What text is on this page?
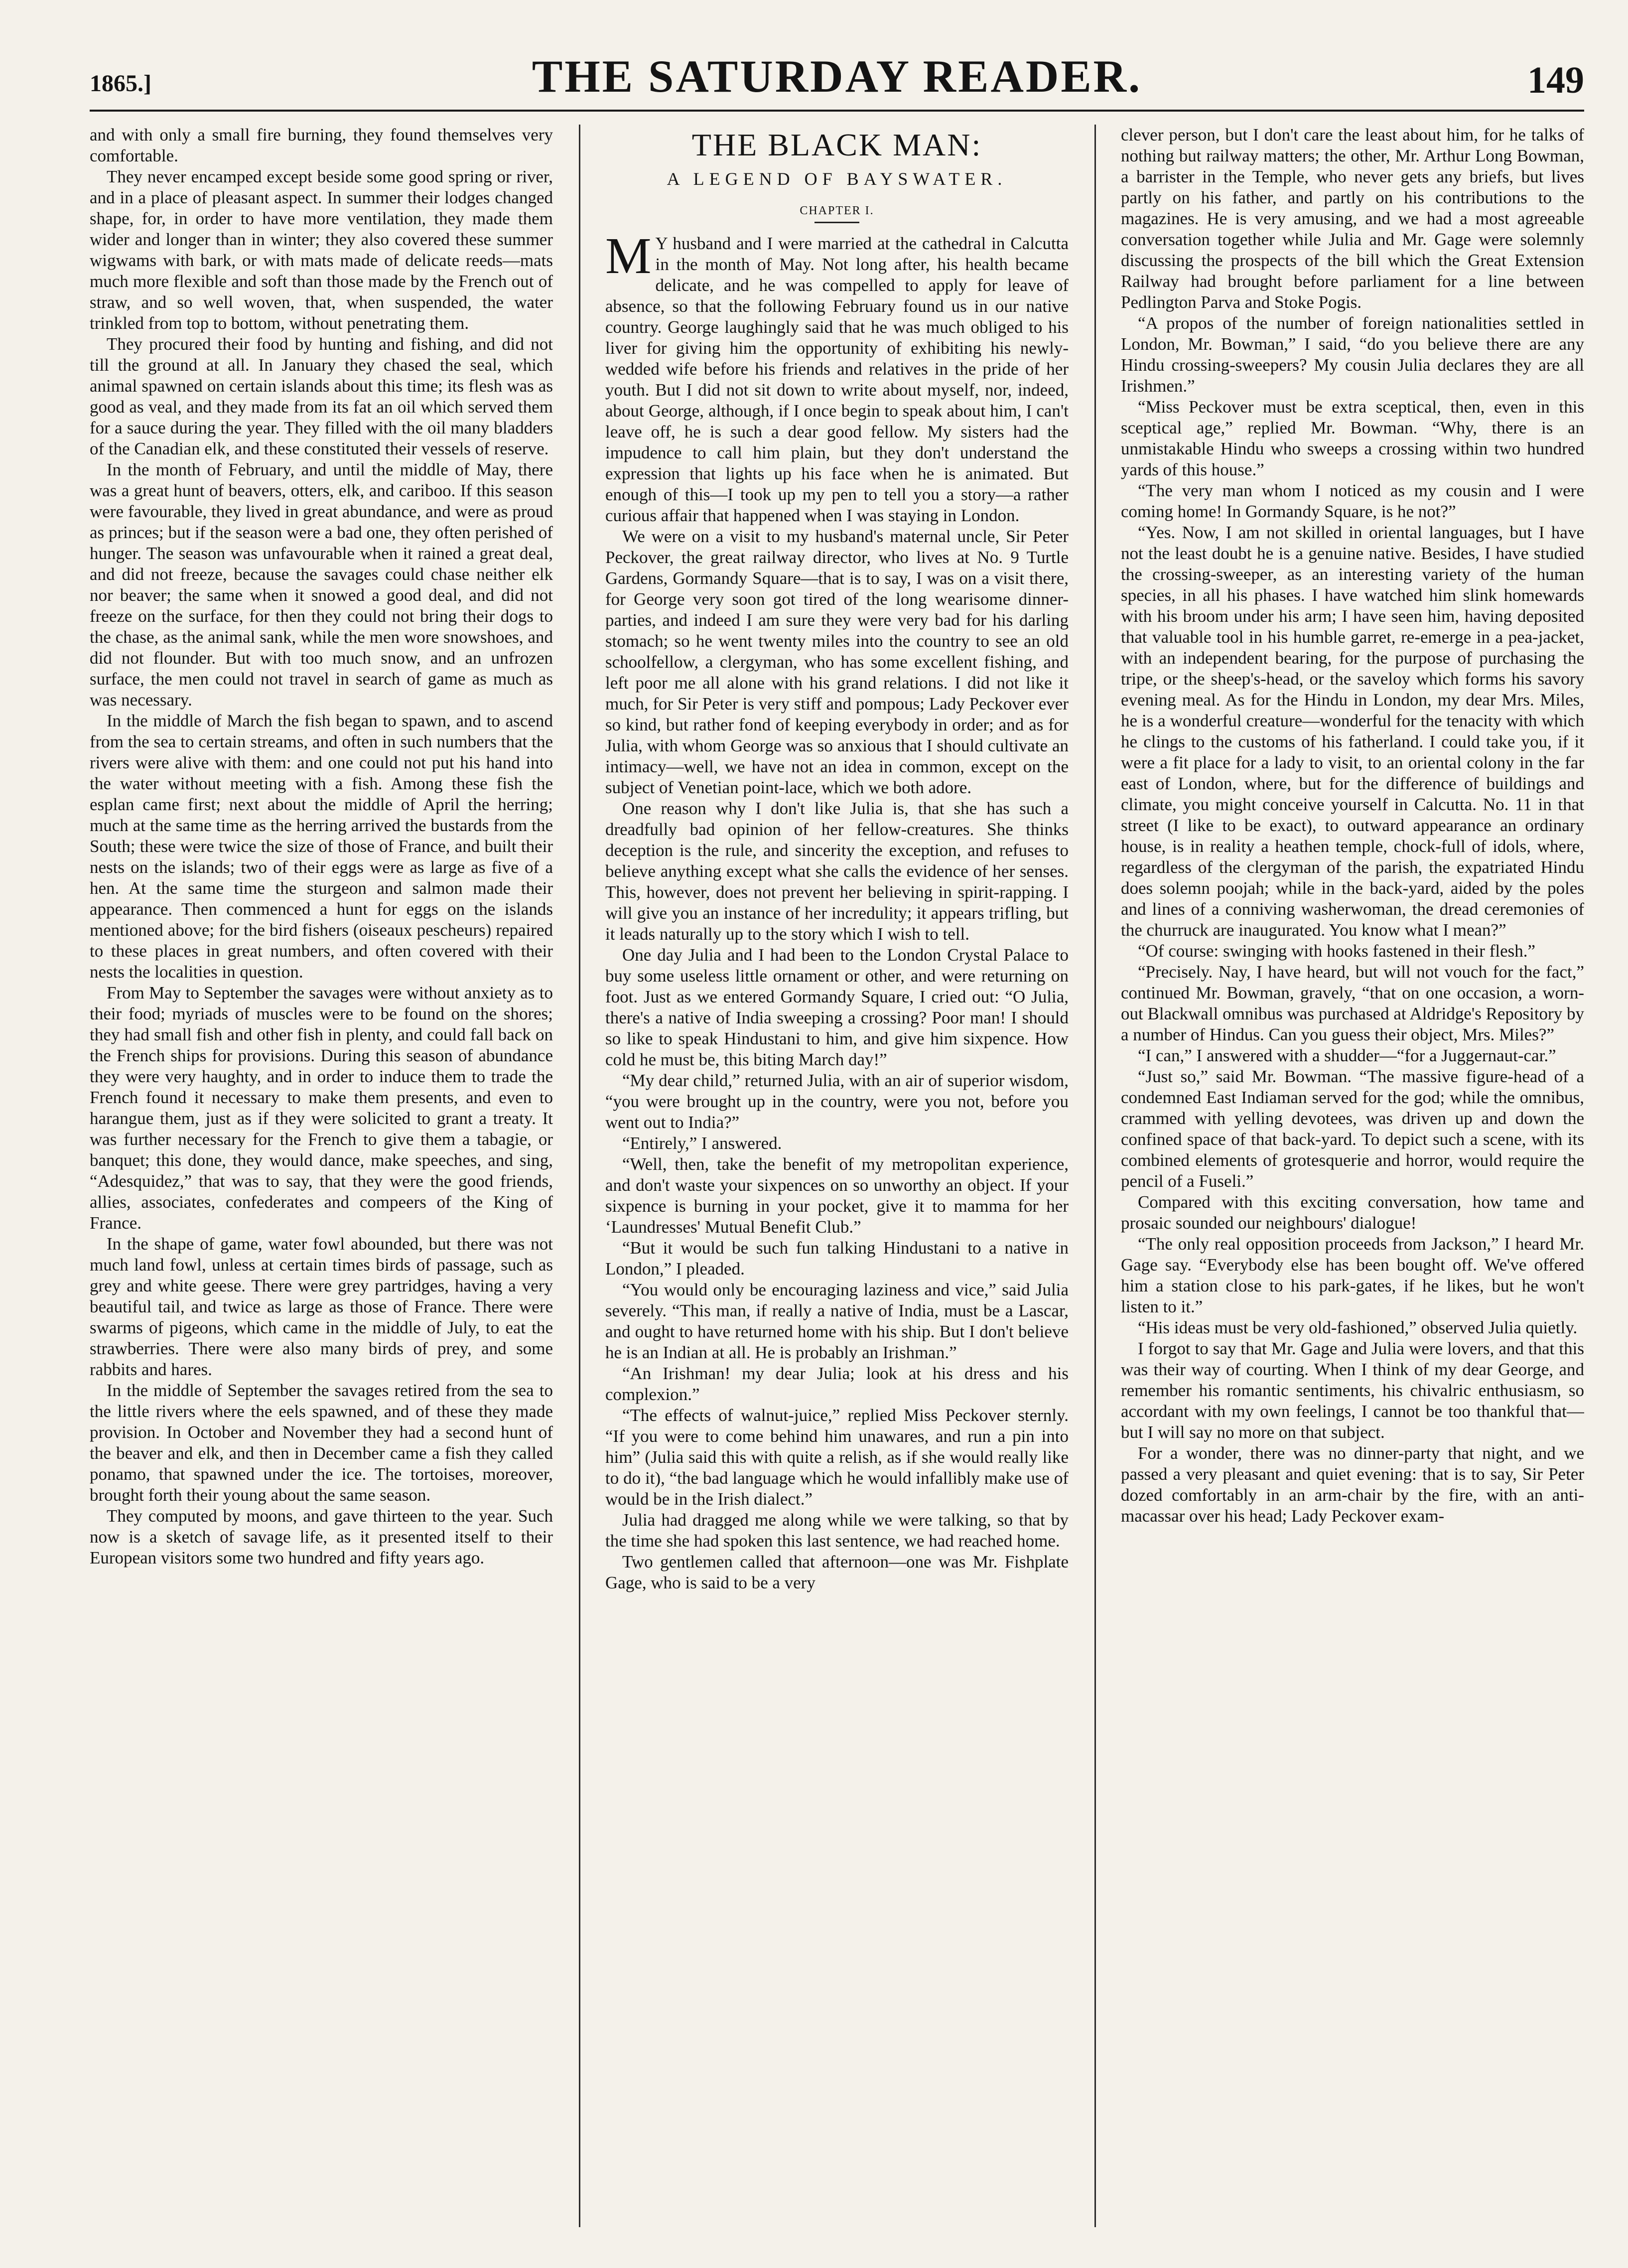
1865.]	THE SATURDAY READER.	149

and with only a small fire burning, they found themselves very comfortable.

They never encamped except beside some good spring or river, and in a place of pleasant aspect. In summer their lodges changed shape, for, in order to have more ventilation, they made them wider and longer than in winter; they also covered these summer wigwams with bark, or with mats made of delicate reeds—mats much more flexible and soft than those made by the French out of straw, and so well woven, that, when suspended, the water trinkled from top to bottom, without penetrating them.

They procured their food by hunting and fishing, and did not till the ground at all. In January they chased the seal, which animal spawned on certain islands about this time; its flesh was as good as veal, and they made from its fat an oil which served them for a sauce during the year. They filled with the oil many bladders of the Canadian elk, and these constituted their vessels of reserve.

In the month of February, and until the middle of May, there was a great hunt of beavers, otters, elk, and cariboo. If this season were favourable, they lived in great abundance, and were as proud as princes; but if the season were a bad one, they often perished of hunger. The season was unfavourable when it rained a great deal, and did not freeze, because the savages could chase neither elk nor beaver; the same when it snowed a good deal, and did not freeze on the surface, for then they could not bring their dogs to the chase, as the animal sank, while the men wore snowshoes, and did not flounder. But with too much snow, and an unfrozen surface, the men could not travel in search of game as much as was necessary.

In the middle of March the fish began to spawn, and to ascend from the sea to certain streams, and often in such numbers that the rivers were alive with them: and one could not put his hand into the water without meeting with a fish. Among these fish the esplan came first; next about the middle of April the herring; much at the same time as the herring arrived the bustards from the South; these were twice the size of those of France, and built their nests on the islands; two of their eggs were as large as five of a hen. At the same time the sturgeon and salmon made their appearance. Then commenced a hunt for eggs on the islands mentioned above; for the bird fishers (oiseaux pescheurs) repaired to these places in great numbers, and often covered with their nests the localities in question.

From May to September the savages were without anxiety as to their food; myriads of muscles were to be found on the shores; they had small fish and other fish in plenty, and could fall back on the French ships for provisions. During this season of abundance they were very haughty, and in order to induce them to trade the French found it necessary to make them presents, and even to harangue them, just as if they were solicited to grant a treaty. It was further necessary for the French to give them a tabagie, or banquet; this done, they would dance, make speeches, and sing, “Adesquidez,” that was to say, that they were the good friends, allies, associates, confederates and compeers of the King of France.

In the shape of game, water fowl abounded, but there was not much land fowl, unless at certain times birds of passage, such as grey and white geese. There were grey partridges, having a very beautiful tail, and twice as large as those of France. There were swarms of pigeons, which came in the middle of July, to eat the strawberries. There were also many birds of prey, and some rabbits and hares.

In the middle of September the savages retired from the sea to the little rivers where the eels spawned, and of these they made provision. In October and November they had a second hunt of the beaver and elk, and then in December came a fish they called ponamo, that spawned under the ice. The tortoises, moreover, brought forth their young about the same season.

They computed by moons, and gave thirteen to the year. Such now is a sketch of savage life, as it presented itself to their European visitors some two hundred and fifty years ago.

THE BLACK MAN:
A LEGEND OF BAYSWATER.
CHAPTER I.

M Y husband and I were married at the cathedral in Calcutta in the month of May. Not long after, his health became delicate, and he was compelled to apply for leave of absence, so that the following February found us in our native country. George laughingly said that he was much obliged to his liver for giving him the opportunity of exhibiting his newly-wedded wife before his friends and relatives in the pride of her youth. But I did not sit down to write about myself, nor, indeed, about George, although, if I once begin to speak about him, I can't leave off, he is such a dear good fellow. My sisters had the impudence to call him plain, but they don't understand the expression that lights up his face when he is animated. But enough of this—I took up my pen to tell you a story—a rather curious affair that happened when I was staying in London.

We were on a visit to my husband's maternal uncle, Sir Peter Peckover, the great railway director, who lives at No. 9 Turtle Gardens, Gormandy Square—that is to say, I was on a visit there, for George very soon got tired of the long wearisome dinner-parties, and indeed I am sure they were very bad for his darling stomach; so he went twenty miles into the country to see an old schoolfellow, a clergyman, who has some excellent fishing, and left poor me all alone with his grand relations. I did not like it much, for Sir Peter is very stiff and pompous; Lady Peckover ever so kind, but rather fond of keeping everybody in order; and as for Julia, with whom George was so anxious that I should cultivate an intimacy—well, we have not an idea in common, except on the subject of Venetian point-lace, which we both adore.

One reason why I don't like Julia is, that she has such a dreadfully bad opinion of her fellow-creatures. She thinks deception is the rule, and sincerity the exception, and refuses to believe anything except what she calls the evidence of her senses. This, however, does not prevent her believing in spirit-rapping. I will give you an instance of her incredulity; it appears trifling, but it leads naturally up to the story which I wish to tell.

One day Julia and I had been to the London Crystal Palace to buy some useless little ornament or other, and were returning on foot. Just as we entered Gormandy Square, I cried out: “O Julia, there's a native of India sweeping a crossing? Poor man! I should so like to speak Hindustani to him, and give him sixpence. How cold he must be, this biting March day!”

“My dear child,” returned Julia, with an air of superior wisdom, “you were brought up in the country, were you not, before you went out to India?”

“Entirely,” I answered.

“Well, then, take the benefit of my metropolitan experience, and don't waste your sixpences on so unworthy an object. If your sixpence is burning in your pocket, give it to mamma for her ‘Laundresses' Mutual Benefit Club.”

“But it would be such fun talking Hindustani to a native in London,” I pleaded.

“You would only be encouraging laziness and vice,” said Julia severely. “This man, if really a native of India, must be a Lascar, and ought to have returned home with his ship. But I don't believe he is an Indian at all. He is probably an Irishman.”

“An Irishman! my dear Julia; look at his dress and his complexion.”

“The effects of walnut-juice,” replied Miss Peckover sternly. “If you were to come behind him unawares, and run a pin into him” (Julia said this with quite a relish, as if she would really like to do it), “the bad language which he would infallibly make use of would be in the Irish dialect.”

Julia had dragged me along while we were talking, so that by the time she had spoken this last sentence, we had reached home.

Two gentlemen called that afternoon—one was Mr. Fishplate Gage, who is said to be a very

clever person, but I don't care the least about him, for he talks of nothing but railway matters; the other, Mr. Arthur Long Bowman, a barrister in the Temple, who never gets any briefs, but lives partly on his father, and partly on his contributions to the magazines. He is very amusing, and we had a most agreeable conversation together while Julia and Mr. Gage were solemnly discussing the prospects of the bill which the Great Extension Railway had brought before parliament for a line between Pedlington Parva and Stoke Pogis.

“A propos of the number of foreign nationalities settled in London, Mr. Bowman,” I said, “do you believe there are any Hindu crossing-sweepers? My cousin Julia declares they are all Irishmen.”

“Miss Peckover must be extra sceptical, then, even in this sceptical age,” replied Mr. Bowman. “Why, there is an unmistakable Hindu who sweeps a crossing within two hundred yards of this house.”

“The very man whom I noticed as my cousin and I were coming home! In Gormandy Square, is he not?”

“Yes. Now, I am not skilled in oriental languages, but I have not the least doubt he is a genuine native. Besides, I have studied the crossing-sweeper, as an interesting variety of the human species, in all his phases. I have watched him slink homewards with his broom under his arm; I have seen him, having deposited that valuable tool in his humble garret, re-emerge in a pea-jacket, with an independent bearing, for the purpose of purchasing the tripe, or the sheep's-head, or the saveloy which forms his savory evening meal. As for the Hindu in London, my dear Mrs. Miles, he is a wonderful creature—wonderful for the tenacity with which he clings to the customs of his fatherland. I could take you, if it were a fit place for a lady to visit, to an oriental colony in the far east of London, where, but for the difference of buildings and climate, you might conceive yourself in Calcutta. No. 11 in that street (I like to be exact), to outward appearance an ordinary house, is in reality a heathen temple, chock-full of idols, where, regardless of the clergyman of the parish, the expatriated Hindu does solemn poojah; while in the back-yard, aided by the poles and lines of a conniving washerwoman, the dread ceremonies of the churruck are inaugurated. You know what I mean?”

“Of course: swinging with hooks fastened in their flesh.”

“Precisely. Nay, I have heard, but will not vouch for the fact,” continued Mr. Bowman, gravely, “that on one occasion, a worn-out Blackwall omnibus was purchased at Aldridge's Repository by a number of Hindus. Can you guess their object, Mrs. Miles?”

“I can,” I answered with a shudder—“for a Juggernaut-car.”

“Just so,” said Mr. Bowman. “The massive figure-head of a condemned East Indiaman served for the god; while the omnibus, crammed with yelling devotees, was driven up and down the confined space of that back-yard. To depict such a scene, with its combined elements of grotesquerie and horror, would require the pencil of a Fuseli.”

Compared with this exciting conversation, how tame and prosaic sounded our neighbours' dialogue!

“The only real opposition proceeds from Jackson,” I heard Mr. Gage say. “Everybody else has been bought off. We've offered him a station close to his park-gates, if he likes, but he won't listen to it.”

“His ideas must be very old-fashioned,” observed Julia quietly.

I forgot to say that Mr. Gage and Julia were lovers, and that this was their way of courting. When I think of my dear George, and remember his romantic sentiments, his chivalric enthusiasm, so accordant with my own feelings, I cannot be too thankful that—but I will say no more on that subject.

For a wonder, there was no dinner-party that night, and we passed a very pleasant and quiet evening: that is to say, Sir Peter dozed comfortably in an arm-chair by the fire, with an anti-macassar over his head; Lady Peckover exam-
